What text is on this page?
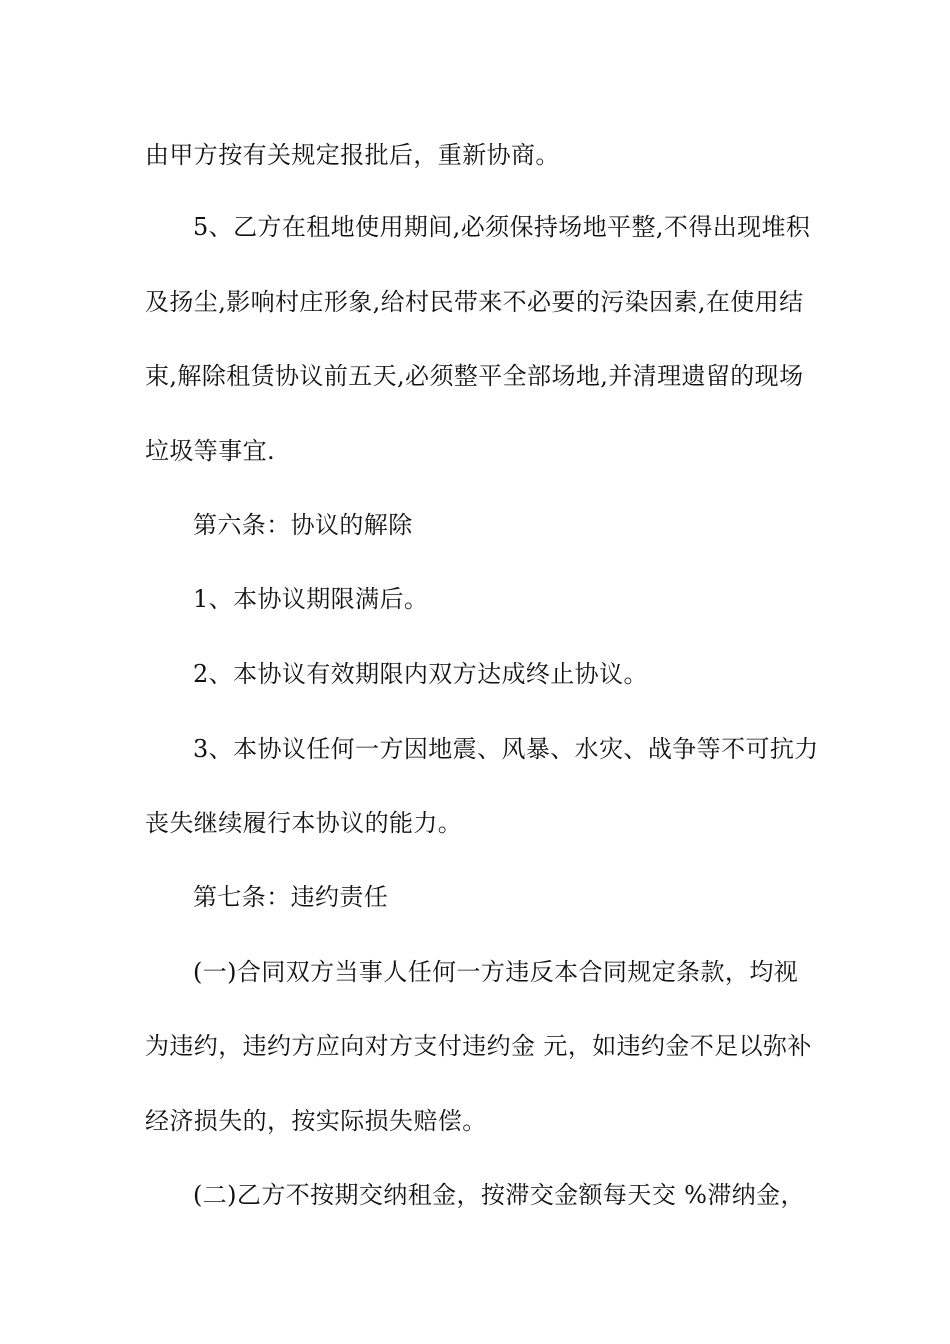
由甲方按有关规定报批后，重新协商。
5、乙方在租地使用期间,必须保持场地平整,不得出现堆积
及扬尘,影响村庄形象,给村民带来不必要的污染因素,在使用结
束,解除租赁协议前五天,必须整平全部场地,并清理遗留的现场
垃圾等事宜.
第六条：协议的解除
1、本协议期限满后。
2、本协议有效期限内双方达成终止协议。
3、本协议任何一方因地震、风暴、水灾、战争等不可抗力
丧失继续履行本协议的能力。
第七条：违约责任
(一)合同双方当事人任何一方违反本合同规定条款，均视
为违约，违约方应向对方支付违约金 元，如违约金不足以弥补
经济损失的，按实际损失赔偿。
(二)乙方不按期交纳租金，按滞交金额每天交 %滞纳金，
